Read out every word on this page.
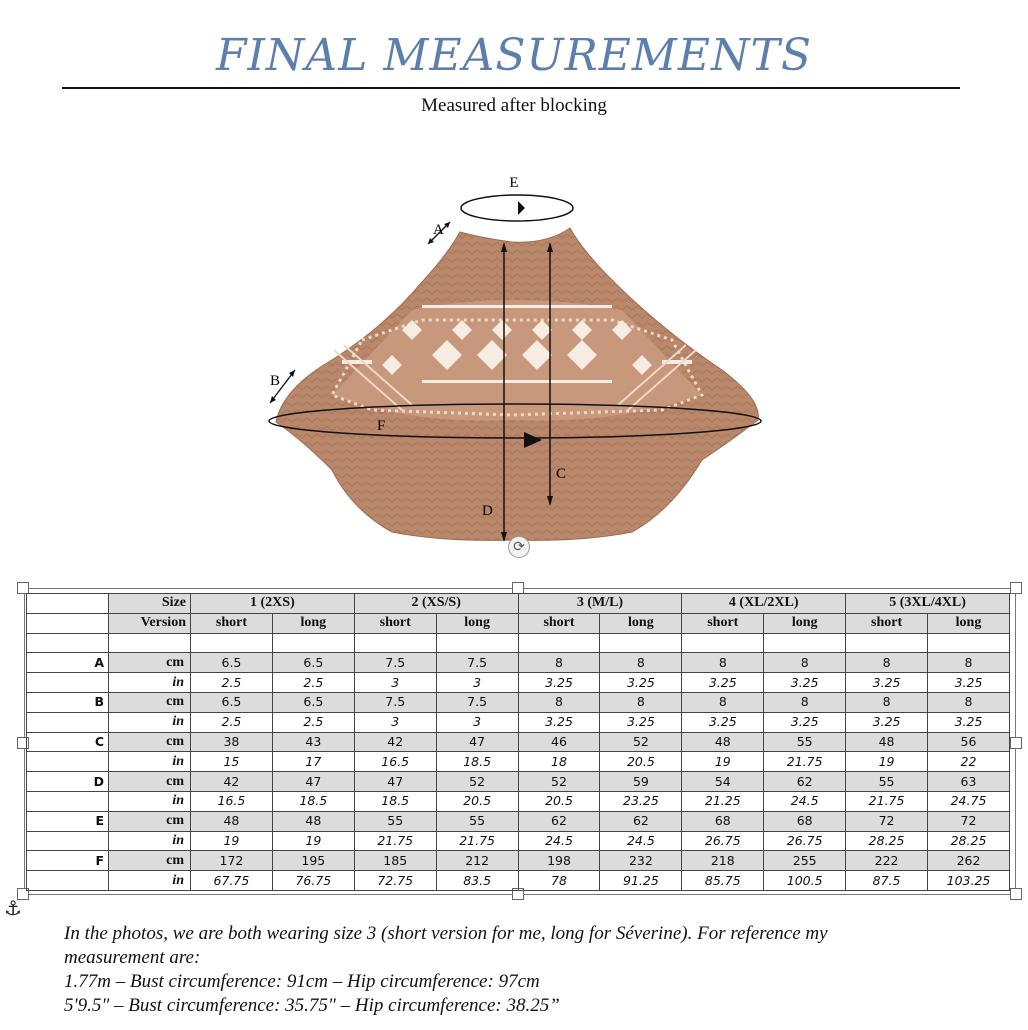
FINAL MEASUREMENTS
Measured after blocking
E
A
B
F
D
C
⟳
⚓
	Size	1 (2XS)		2 (XS/S)		3 (M/L)		4 (XL/2XL)		5 (3XL/4XL)	
	Version	short	long	short	long	short	long	short	long	short	long

A	cm	6.5	6.5	7.5	7.5	8	8	8	8	8	8
	in	2.5	2.5	3	3	3.25	3.25	3.25	3.25	3.25	3.25
B	cm	6.5	6.5	7.5	7.5	8	8	8	8	8	8
	in	2.5	2.5	3	3	3.25	3.25	3.25	3.25	3.25	3.25
C	cm	38	43	42	47	46	52	48	55	48	56
	in	15	17	16.5	18.5	18	20.5	19	21.75	19	22
D	cm	42	47	47	52	52	59	54	62	55	63
	in	16.5	18.5	18.5	20.5	20.5	23.25	21.25	24.5	21.75	24.75
E	cm	48	48	55	55	62	62	68	68	72	72
	in	19	19	21.75	21.75	24.5	24.5	26.75	26.75	28.25	28.25
F	cm	172	195	185	212	198	232	218	255	222	262
	in	67.75	76.75	72.75	83.5	78	91.25	85.75	100.5	87.5	103.25
In the photos, we are both wearing size 3 (short version for me, long for Séverine). For reference my
measurement are:
1.77m – Bust circumference: 91cm – Hip circumference: 97cm
5'9.5" – Bust circumference: 35.75" – Hip circumference: 38.25”
